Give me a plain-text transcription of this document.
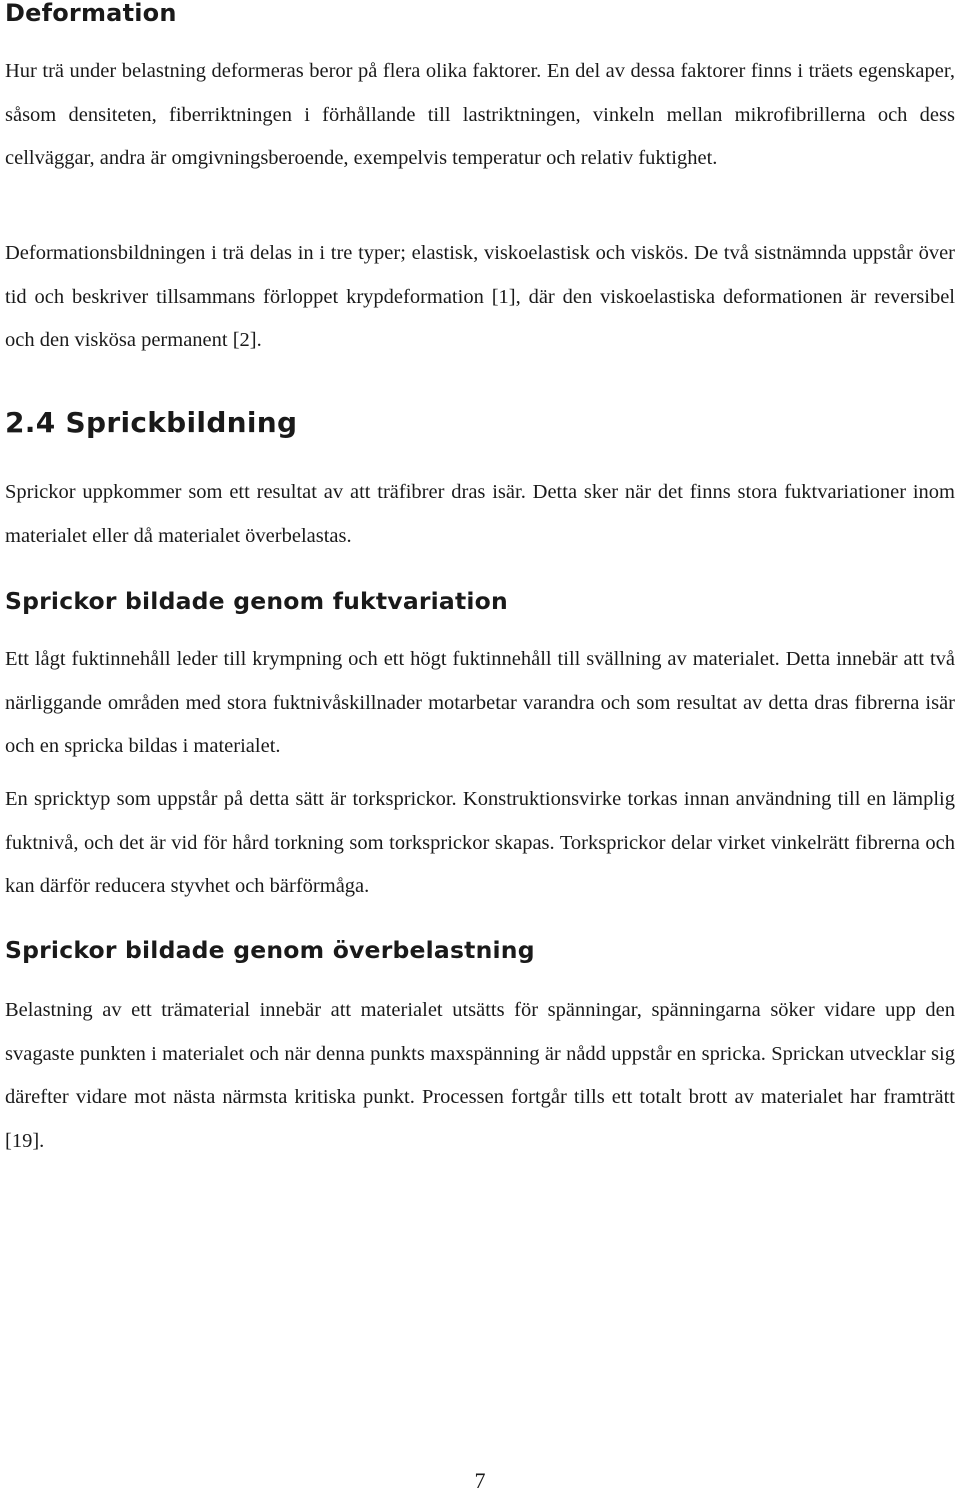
Deformation

Hur trä under belastning deformeras beror på flera olika faktorer. En del av dessa faktorer finns i träets egenskaper, såsom densiteten, fiberriktningen i förhållande till lastriktningen, vinkeln mellan mikrofibrillerna och dess cellväggar, andra är omgivningsberoende, exempelvis temperatur och relativ fuktighet.

Deformationsbildningen i trä delas in i tre typer; elastisk, viskoelastisk och viskös. De två sistnämnda uppstår över tid och beskriver tillsammans förloppet krypdeformation [1], där den viskoelastiska deformationen är reversibel och den viskösa permanent [2].

2.4 Sprickbildning

Sprickor uppkommer som ett resultat av att träfibrer dras isär. Detta sker när det finns stora fuktvariationer inom materialet eller då materialet överbelastas.

Sprickor bildade genom fuktvariation

Ett lågt fuktinnehåll leder till krympning och ett högt fuktinnehåll till svällning av materialet. Detta innebär att två närliggande områden med stora fuktnivåskillnader motarbetar varandra och som resultat av detta dras fibrerna isär och en spricka bildas i materialet.

En spricktyp som uppstår på detta sätt är torksprickor. Konstruktionsvirke torkas innan användning till en lämplig fuktnivå, och det är vid för hård torkning som torksprickor skapas. Torksprickor delar virket vinkelrätt fibrerna och kan därför reducera styvhet och bärförmåga.

Sprickor bildade genom överbelastning

Belastning av ett trämaterial innebär att materialet utsätts för spänningar, spänningarna söker vidare upp den svagaste punkten i materialet och när denna punkts maxspänning är nådd uppstår en spricka. Sprickan utvecklar sig därefter vidare mot nästa närmsta kritiska punkt. Processen fortgår tills ett totalt brott av materialet har framträtt [19].

7
